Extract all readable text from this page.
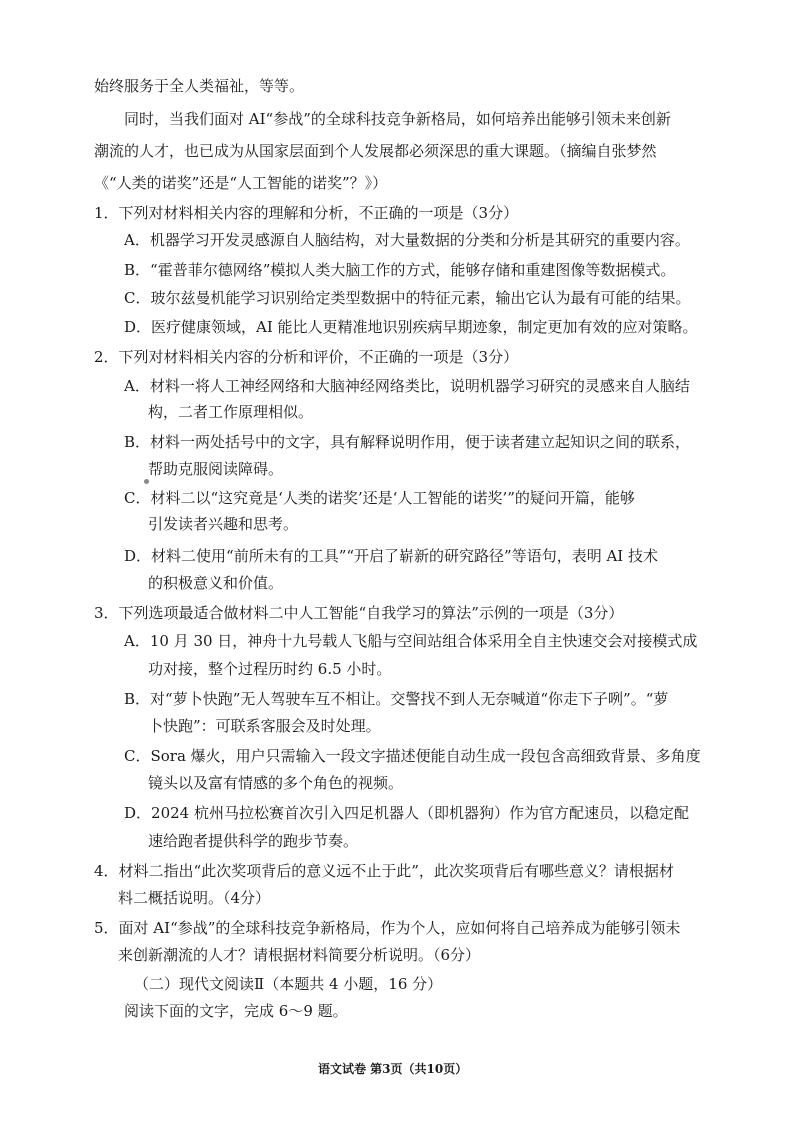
始终服务于全人类福祉，等等。
同时，当我们面对 AI“参战”的全球科技竞争新格局，如何培养出能够引领未来创新
潮流的人才，也已成为从国家层面到个人发展都必须深思的重大课题。（摘编自张梦然
《“人类的诺奖”还是“人工智能的诺奖”？》）
1．下列对材料相关内容的理解和分析，不正确的一项是（3分）
A．机器学习开发灵感源自人脑结构，对大量数据的分类和分析是其研究的重要内容。
B．“霍普菲尔德网络”模拟人类大脑工作的方式，能够存储和重建图像等数据模式。
C．玻尔兹曼机能学习识别给定类型数据中的特征元素，输出它认为最有可能的结果。
D．医疗健康领域，AI 能比人更精准地识别疾病早期迹象，制定更加有效的应对策略。
2．下列对材料相关内容的分析和评价，不正确的一项是（3分）
A．材料一将人工神经网络和大脑神经网络类比，说明机器学习研究的灵感来自人脑结
构，二者工作原理相似。
B．材料一两处括号中的文字，具有解释说明作用，便于读者建立起知识之间的联系，
帮助克服阅读障碍。
C．材料二以“这究竟是‘人类的诺奖’还是‘人工智能的诺奖’”的疑问开篇，能够
引发读者兴趣和思考。
D．材料二使用“前所未有的工具”“开启了崭新的研究路径”等语句，表明 AI 技术
的积极意义和价值。
3．下列选项最适合做材料二中人工智能“自我学习的算法”示例的一项是（3分）
A．10 月 30 日，神舟十九号载人飞船与空间站组合体采用全自主快速交会对接模式成
功对接，整个过程历时约 6.5 小时。
B．对“萝卜快跑”无人驾驶车互不相让。交警找不到人无奈喊道“你走下子咧”。“萝
卜快跑”：可联系客服会及时处理。
C．Sora 爆火，用户只需输入一段文字描述便能自动生成一段包含高细致背景、多角度
镜头以及富有情感的多个角色的视频。
D．2024 杭州马拉松赛首次引入四足机器人（即机器狗）作为官方配速员，以稳定配
速给跑者提供科学的跑步节奏。
4．材料二指出“此次奖项背后的意义远不止于此”，此次奖项背后有哪些意义？请根据材
料二概括说明。（4分）
5．面对 AI“参战”的全球科技竞争新格局，作为个人，应如何将自己培养成为能够引领未
来创新潮流的人才？请根据材料简要分析说明。（6分）
（二）现代文阅读Ⅱ（本题共 4 小题，16 分）
阅读下面的文字，完成 6～9 题。
语文试卷 第3页（共10页）
